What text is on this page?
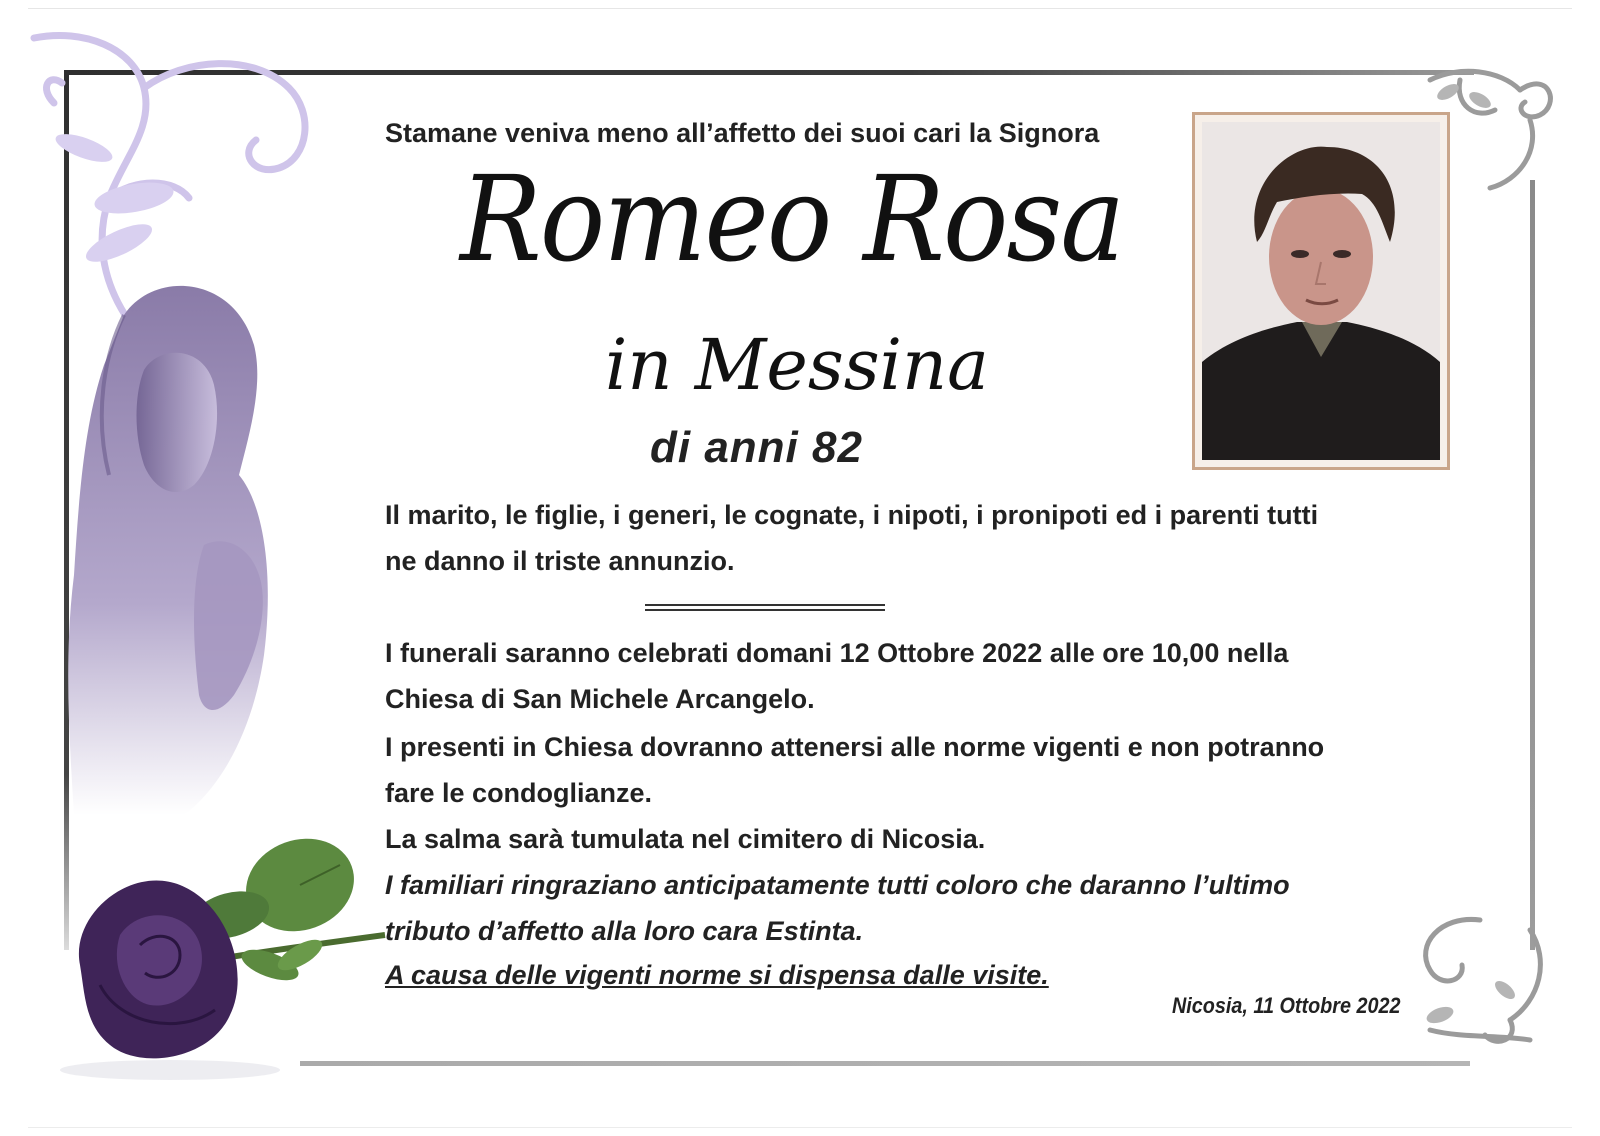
Stamane veniva meno all’affetto dei suoi cari la Signora
Romeo Rosa
in Messina
di anni 82
Il marito, le figlie, i generi, le cognate, i nipoti, i pronipoti ed i parenti tutti
ne danno il triste annunzio.
I funerali saranno celebrati domani 12 Ottobre 2022 alle ore 10,00 nella
Chiesa di San Michele Arcangelo.
I presenti in Chiesa dovranno attenersi alle norme vigenti e non potranno
fare le condoglianze.
La salma sarà tumulata nel cimitero di Nicosia.
I familiari ringraziano anticipatamente tutti coloro che daranno l’ultimo
tributo d’affetto alla loro cara Estinta.
A causa delle vigenti norme si dispensa dalle visite.
Nicosia, 11 Ottobre 2022
